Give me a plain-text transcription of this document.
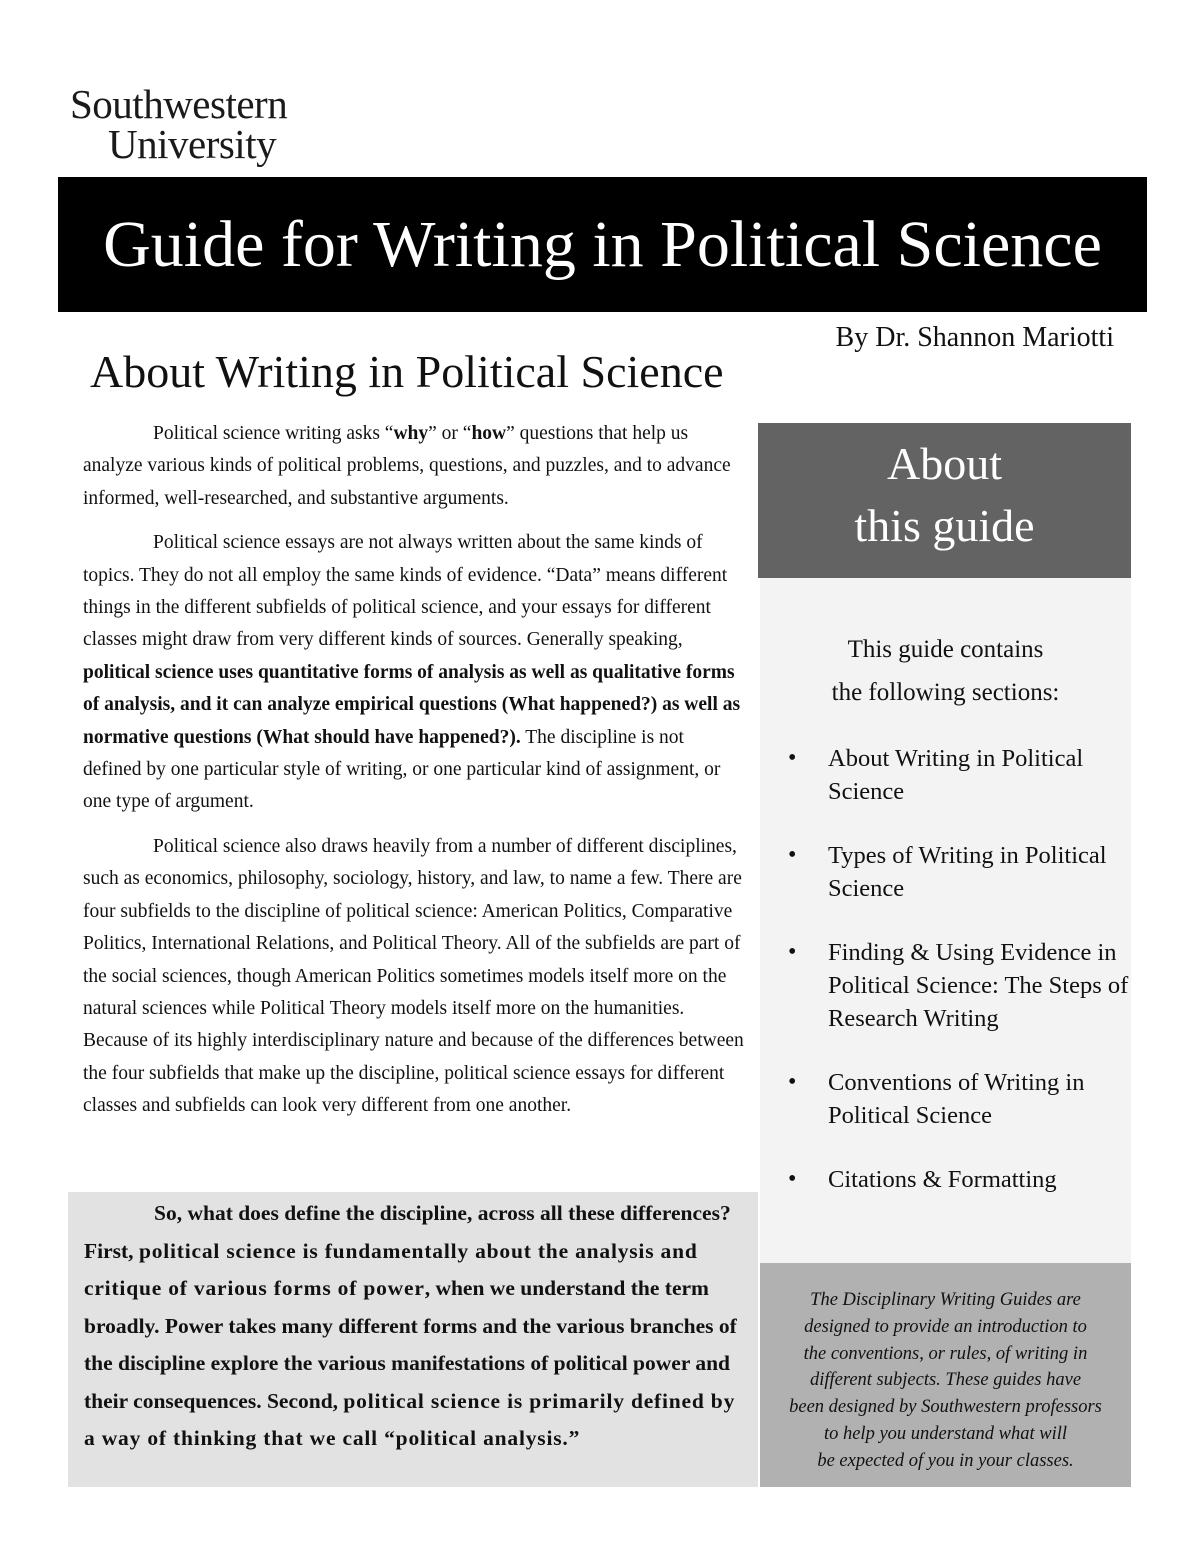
Southwestern
University
Guide for Writing in Political Science
By Dr. Shannon Mariotti
About Writing in Political Science

Political science writing asks “why” or “how” questions that help us analyze various kinds of political problems, questions, and puzzles, and to advance informed, well-researched, and substantive arguments.

Political science essays are not always written about the same kinds of topics. They do not all employ the same kinds of evidence. “Data” means different things in the different subfields of political science, and your essays for different classes might draw from very different kinds of sources. Generally speaking, political science uses quantitative forms of analysis as well as qualitative forms of analysis, and it can analyze empirical questions (What happened?) as well as normative questions (What should have happened?). The discipline is not defined by one particular style of writing, or one particular kind of assignment, or one type of argument.

Political science also draws heavily from a number of different disciplines, such as economics, philosophy, sociology, history, and law, to name a few. There are four subfields to the discipline of political science: American Politics, Comparative Politics, International Relations, and Political Theory. All of the subfields are part of the social sciences, though American Politics sometimes models itself more on the natural sciences while Political Theory models itself more on the humanities. Because of its highly interdisciplinary nature and because of the differences between the four subfields that make up the discipline, political science essays for different classes and subfields can look very different from one another.

So, what does define the discipline, across all these differences? First, political science is fundamentally about the analysis and critique of various forms of power, when we understand the term broadly. Power takes many different forms and the various branches of the discipline explore the various manifestations of political power and their consequences. Second, political science is primarily defined by a way of thinking that we call “political analysis.”

About
this guide
This guide contains
the following sections:
• About Writing in Political Science
• Types of Writing in Political Science
• Finding & Using Evidence in Political Science: The Steps of Research Writing
• Conventions of Writing in Political Science
• Citations & Formatting
The Disciplinary Writing Guides are
designed to provide an introduction to
the conventions, or rules, of writing in
different subjects. These guides have
been designed by Southwestern professors
to help you understand what will
be expected of you in your classes.
